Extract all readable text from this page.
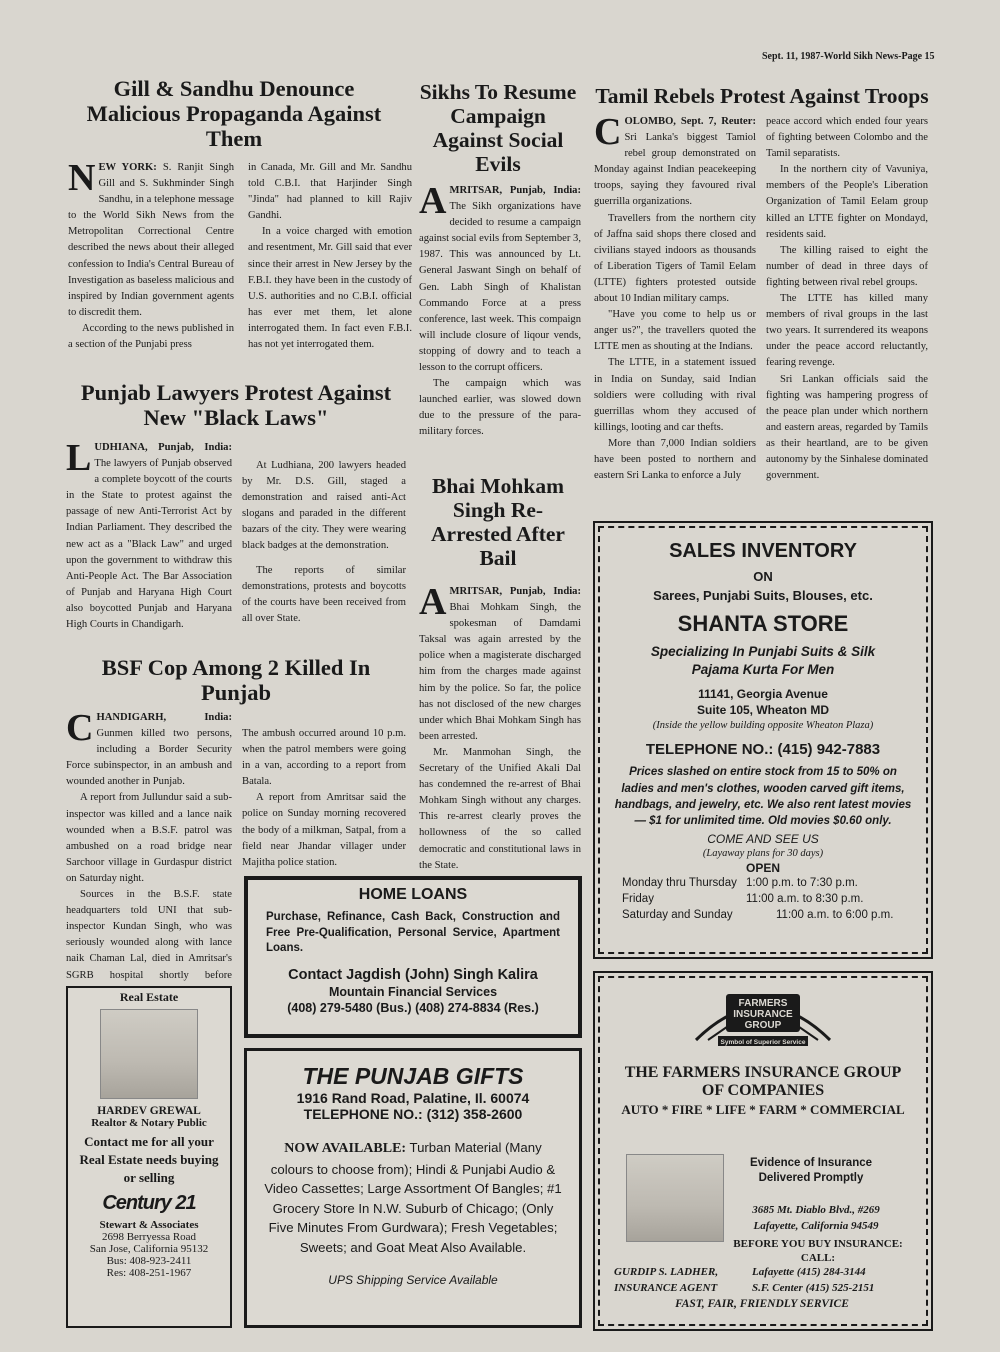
Sept. 11, 1987-World Sikh News-Page 15
Gill & Sandhu Denounce Malicious Propaganda Against Them

NEW YORK: S. Ranjit Singh Gill and S. Sukhminder Singh Sandhu, in a telephone message to the World Sikh News from the Metropolitan Correctional Centre described the news about their alleged confession to India's Central Bureau of Investigation as baseless malicious and inspired by Indian government agents to discredit them.

According to the news published in a section of the Punjabi press

in Canada, Mr. Gill and Mr. Sandhu told C.B.I. that Harjinder Singh "Jinda" had planned to kill Rajiv Gandhi.

In a voice charged with emotion and resentment, Mr. Gill said that ever since their arrest in New Jersey by the F.B.I. they have been in the custody of U.S. authorities and no C.B.I. official has ever met them, let alone interrogated them. In fact even F.B.I. has not yet interrogated them.

Punjab Lawyers Protest Against New "Black Laws"

LUDHIANA, Punjab, India: The lawyers of Punjab observed a complete boycott of the courts in the State to protest against the passage of new Anti-Terrorist Act by Indian Parliament. They described the new act as a "Black Law" and urged upon the government to withdraw this Anti-People Act. The Bar Association of Punjab and Haryana High Court also boycotted Punjab and Haryana High Courts in Chandigarh.

At Ludhiana, 200 lawyers headed by Mr. D.S. Gill, staged a demonstration and raised anti-Act slogans and paraded in the different bazars of the city. They were wearing black badges at the demonstration.

The reports of similar demonstrations, protests and boycotts of the courts have been received from all over State.

BSF Cop Among 2 Killed In Punjab

CHANDIGARH, India: Gunmen killed two persons, including a Border Security Force subinspector, in an ambush and wounded another in Punjab.

A report from Jullundur said a sub-inspector was killed and a lance naik wounded when a B.S.F. patrol was ambushed on a road bridge near Sarchoor village in Gurdaspur district on Saturday night.

Sources in the B.S.F. state headquarters told UNI that sub-inspector Kundan Singh, who was seriously wounded along with lance naik Chaman Lal, died in Amritsar's SGRB hospital shortly before

The ambush occurred around 10 p.m. when the patrol members were going in a van, according to a report from Batala.

A report from Amritsar said the police on Sunday morning recovered the body of a milkman, Satpal, from a field near Jhandar villager under Majitha police station.

Sikhs To Resume Campaign Against Social Evils

AMRITSAR, Punjab, India: The Sikh organizations have decided to resume a campaign against social evils from September 3, 1987. This was announced by Lt. General Jaswant Singh on behalf of Gen. Labh Singh of Khalistan Commando Force at a press conference, last week. This compaign will include closure of liqour vends, stopping of dowry and to teach a lesson to the corrupt officers.

The campaign which was launched earlier, was slowed down due to the pressure of the para-military forces.

Bhai Mohkam Singh Re-Arrested After Bail

AMRITSAR, Punjab, India: Bhai Mohkam Singh, the spokesman of Damdami Taksal was again arrested by the police when a magisterate discharged him from the charges made against him by the police. So far, the police has not disclosed of the new charges under which Bhai Mohkam Singh has been arrested.

Mr. Manmohan Singh, the Secretary of the Unified Akali Dal has condemned the re-arrest of Bhai Mohkam Singh without any charges. This re-arrest clearly proves the hollowness of the so called democratic and constitutional laws in the State.

Tamil Rebels Protest Against Troops

COLOMBO, Sept. 7, Reuter: Sri Lanka's biggest Tamiol rebel group demonstrated on Monday against Indian peacekeeping troops, saying they favoured rival guerrilla organizations.

Travellers from the northern city of Jaffna said shops there closed and civilians stayed indoors as thousands of Liberation Tigers of Tamil Eelam (LTTE) fighters protested outside about 10 Indian military camps.

"Have you come to help us or anger us?", the travellers quoted the LTTE men as shouting at the Indians.

The LTTE, in a statement issued in India on Sunday, said Indian soldiers were colluding with rival guerrillas whom they accused of killings, looting and car thefts.

More than 7,000 Indian soldiers have been posted to northern and eastern Sri Lanka to enforce a July

peace accord which ended four years of fighting between Colombo and the Tamil separatists.

In the northern city of Vavuniya, members of the People's Liberation Organization of Tamil Eelam group killed an LTTE fighter on Mondayd, residents said.

The killing raised to eight the number of dead in three days of fighting between rival rebel groups.

The LTTE has killed many members of rival groups in the last two years. It surrendered its weapons under the peace accord reluctantly, fearing revenge.

Sri Lankan officials said the fighting was hampering progress of the peace plan under which northern and eastern areas, regarded by Tamils as their heartland, are to be given autonomy by the Sinhalese dominated government.

Real Estate
HARDEV GREWAL
Realtor & Notary Public
Contact me for all your Real Estate needs buying or selling
Century 21
Stewart & Associates
2698 Berryessa Road
San Jose, California 95132
Bus: 408-923-2411
Res: 408-251-1967
HOME LOANS
Purchase, Refinance, Cash Back, Construction and Free Pre-Qualification, Personal Service, Apartment Loans.
Contact Jagdish (John) Singh Kalira
Mountain Financial Services
(408) 279-5480 (Bus.) (408) 274-8834 (Res.)
THE PUNJAB GIFTS
1916 Rand Road, Palatine, Il. 60074
TELEPHONE NO.: (312) 358-2600
NOW AVAILABLE: Turban Material (Many colours to choose from); Hindi & Punjabi Audio & Video Cassettes; Large Assortment Of Bangles; #1 Grocery Store In N.W. Suburb of Chicago; (Only Five Minutes From Gurdwara); Fresh Vegetables; Sweets; and Goat Meat Also Available.
UPS Shipping Service Available
SALES INVENTORY
ON
Sarees, Punjabi Suits, Blouses, etc.
SHANTA STORE
Specializing In Punjabi Suits & Silk Pajama Kurta For Men
11141, Georgia Avenue
Suite 105, Wheaton MD
(Inside the yellow building opposite Wheaton Plaza)
TELEPHONE NO.: (415) 942-7883
Prices slashed on entire stock from 15 to 50% on ladies and men's clothes, wooden carved gift items, handbags, and jewelry, etc. We also rent latest movies — $1 for unlimited time. Old movies $0.60 only.
COME AND SEE US
(Layaway plans for 30 days)
OPEN
Monday thru Thursday 1:00 p.m. to 7:30 p.m.
Friday	11:00 a.m. to 8:30 p.m.
Saturday and Sunday	11:00 a.m. to 6:00 p.m.
FARMERS
INSURANCE
GROUP
Symbol of Superior Service
THE FARMERS INSURANCE GROUP
OF COMPANIES
AUTO * FIRE * LIFE * FARM * COMMERCIAL
Evidence of Insurance Delivered Promptly
3685 Mt. Diablo Blvd., #269
Lafayette, California 94549
BEFORE YOU BUY INSURANCE:
CALL:
GURDIP S. LADHER,
INSURANCE AGENT
Lafayette (415) 284-3144
S.F. Center (415) 525-2151
FAST, FAIR, FRIENDLY SERVICE
